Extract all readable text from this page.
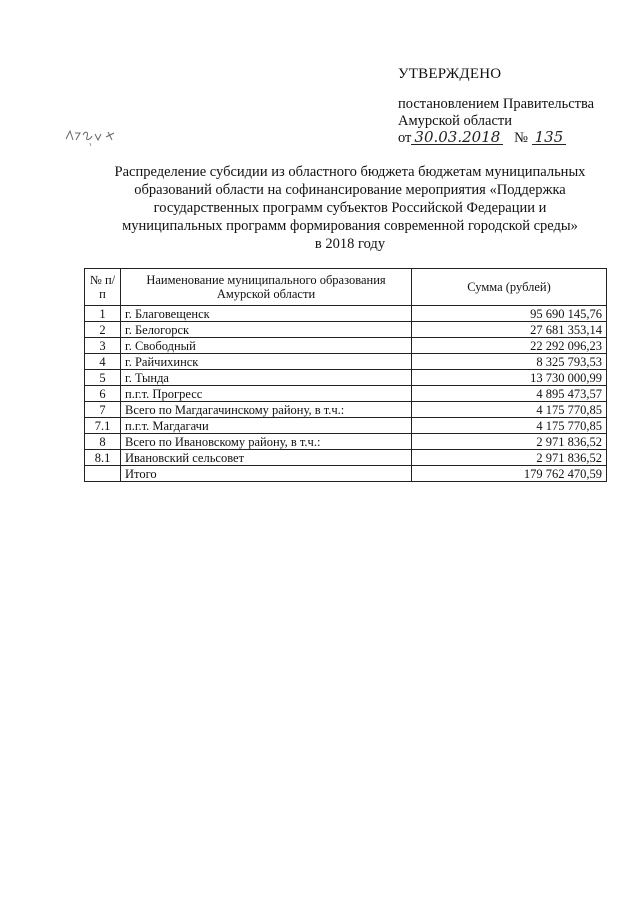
УТВЕРЖДЕНО
постановлением Правительства
Амурской области
от 30.03.2018 № 135
Распределение субсидии из областного бюджета бюджетам муниципальных
образований области на софинансирование мероприятия «Поддержка
государственных программ субъектов Российской Федерации и
муниципальных программ формирования современной городской среды»
в 2018 году
№ п/п	Наименование муниципального образования Амурской области	Сумма (рублей)
1	г. Благовещенск	95 690 145,76
2	г. Белогорск	27 681 353,14
3	г. Свободный	22 292 096,23
4	г. Райчихинск	8 325 793,53
5	г. Тында	13 730 000,99
6	п.г.т. Прогресс	4 895 473,57
7	Всего по Магдагачинскому району, в т.ч.:	4 175 770,85
7.1	п.г.т. Магдагачи	4 175 770,85
8	Всего по Ивановскому району, в т.ч.:	2 971 836,52
8.1	Ивановский сельсовет	2 971 836,52
	Итого	179 762 470,59
